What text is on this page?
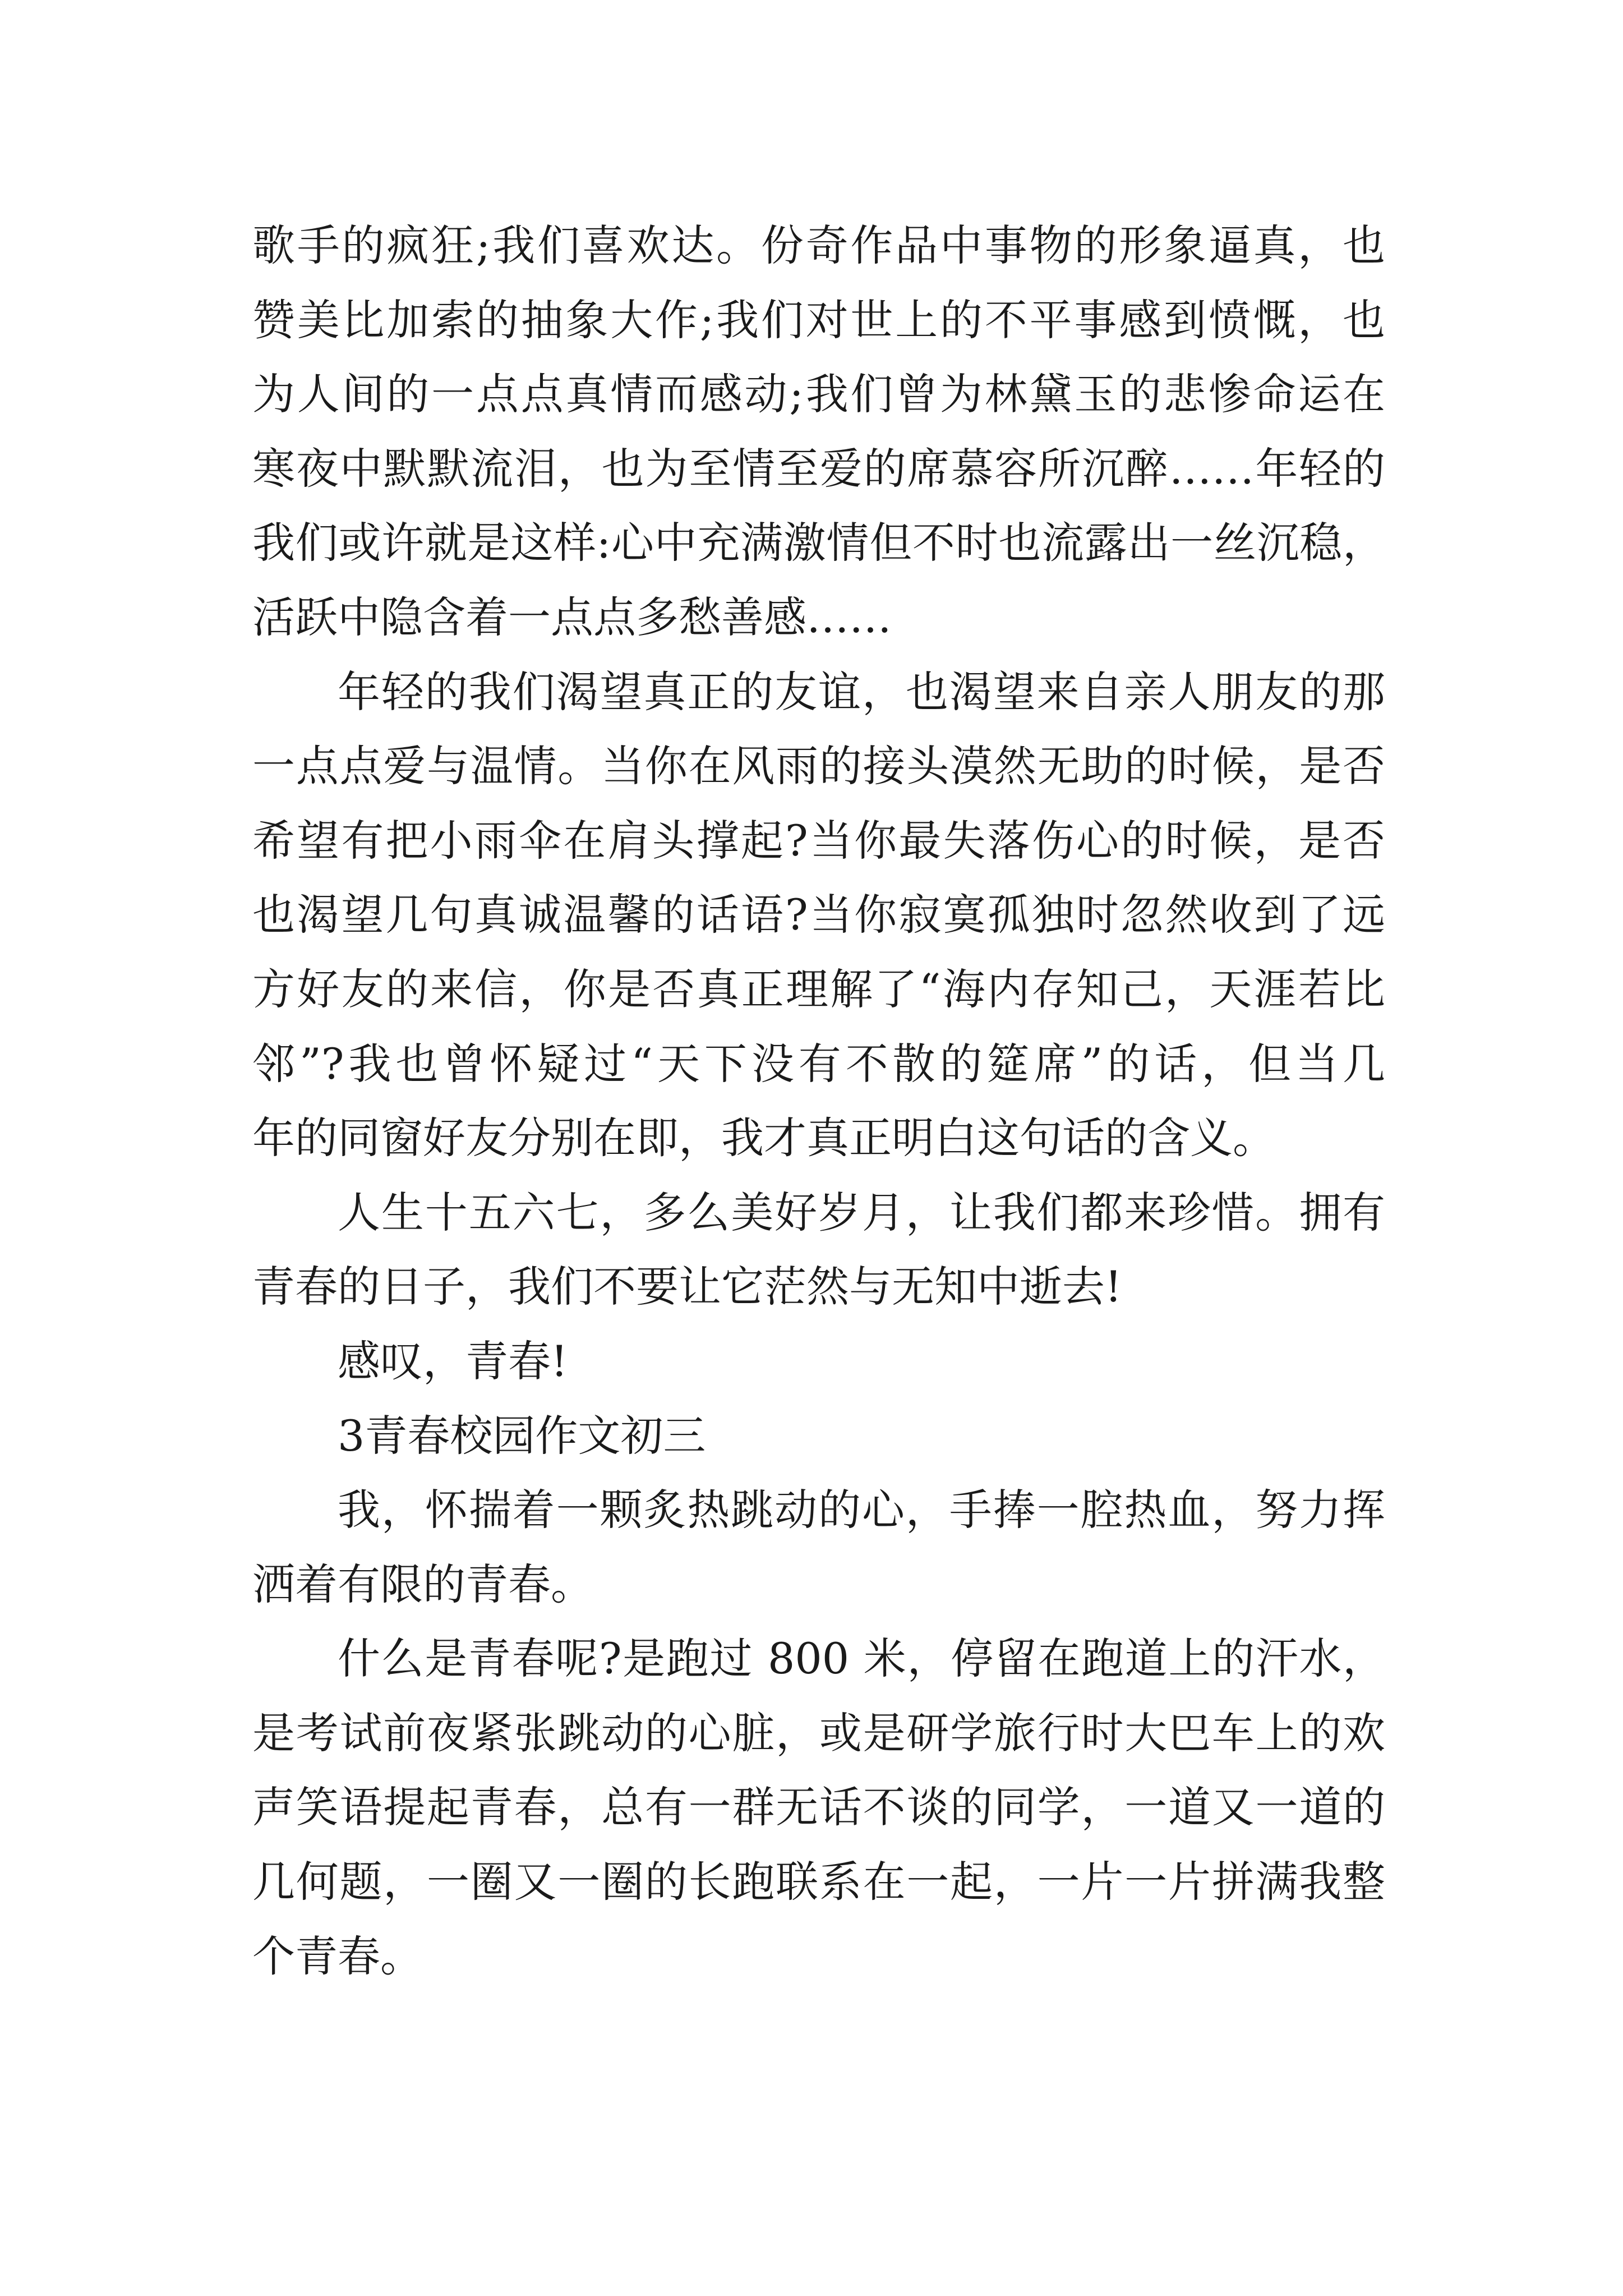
歌手的疯狂;我们喜欢达。份奇作品中事物的形象逼真，也
赞美比加索的抽象大作;我们对世上的不平事感到愤慨，也
为人间的一点点真情而感动;我们曾为林黛玉的悲惨命运在
寒夜中默默流泪，也为至情至爱的席慕容所沉醉……年轻的
我们或许就是这样:心中充满激情但不时也流露出一丝沉稳，
活跃中隐含着一点点多愁善感……
年轻的我们渴望真正的友谊，也渴望来自亲人朋友的那
一点点爱与温情。当你在风雨的接头漠然无助的时候，是否
希望有把小雨伞在肩头撑起?当你最失落伤心的时候，是否
也渴望几句真诚温馨的话语?当你寂寞孤独时忽然收到了远
方好友的来信，你是否真正理解了“海内存知己，天涯若比
邻”?我也曾怀疑过“天下没有不散的筵席”的话，但当几
年的同窗好友分别在即，我才真正明白这句话的含义。
人生十五六七，多么美好岁月，让我们都来珍惜。拥有
青春的日子，我们不要让它茫然与无知中逝去!
感叹，青春!
3青春校园作文初三
我，怀揣着一颗炙热跳动的心，手捧一腔热血，努力挥
洒着有限的青春。
什么是青春呢?是跑过 800 米，停留在跑道上的汗水，
是考试前夜紧张跳动的心脏，或是研学旅行时大巴车上的欢
声笑语提起青春，总有一群无话不谈的同学，一道又一道的
几何题，一圈又一圈的长跑联系在一起，一片一片拼满我整
个青春。
